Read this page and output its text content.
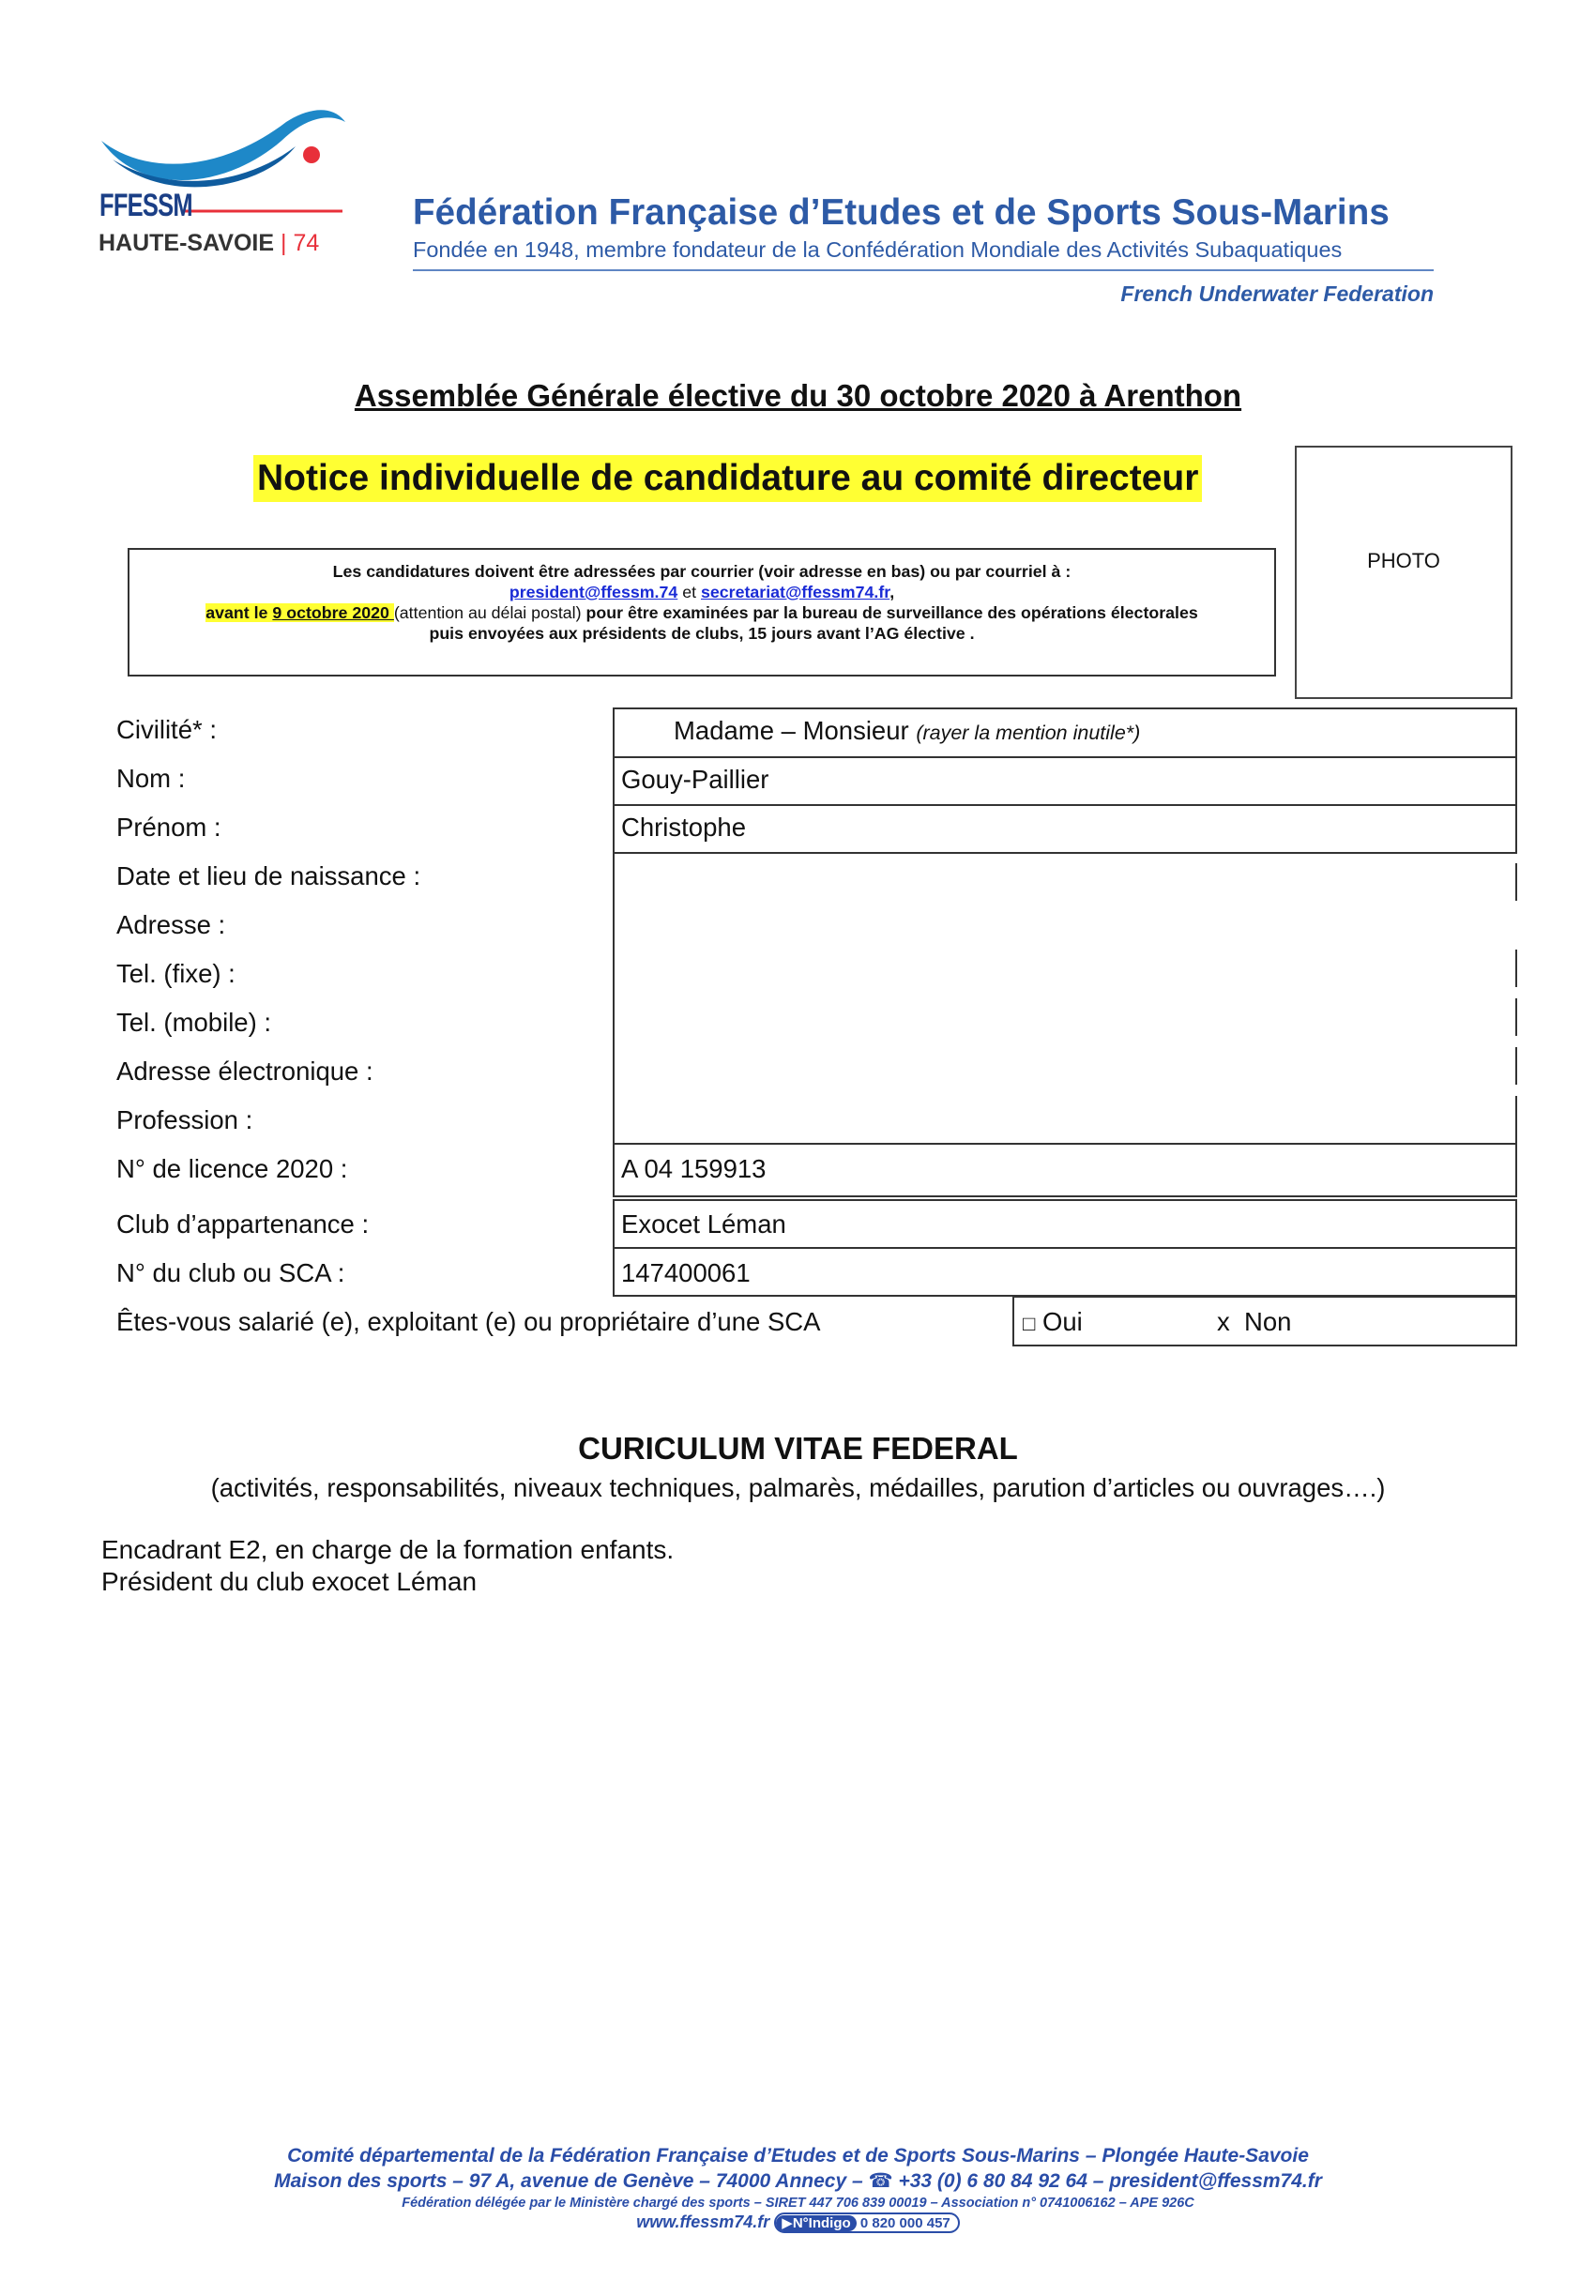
FFESSM
HAUTE-SAVOIE | 74
Fédération Française d’Etudes et de Sports Sous-Marins
Fondée en 1948, membre fondateur de la Confédération Mondiale des Activités Subaquatiques
French Underwater Federation
Assemblée Générale élective du 30 octobre 2020 à Arenthon
Notice individuelle de candidature au comité directeur
PHOTO
Les candidatures doivent être adressées par courrier (voir adresse en bas) ou par courriel à :
president@ffessm.74 et secretariat@ffessm74.fr,
avant le 9 octobre 2020 (attention au délai postal) pour être examinées par la bureau de surveillance des opérations électorales
puis envoyées aux présidents de clubs, 15 jours avant l’AG élective .
Civilité* :
Nom :
Prénom :
Date et lieu de naissance :
Adresse :
Tel. (fixe) :
Tel. (mobile) :
Adresse électronique :
Profession :
N° de licence 2020 :
Club d’appartenance :
N° du club ou SCA :
Êtes-vous salarié (e), exploitant (e) ou propriétaire d’une SCA
Madame – Monsieur (rayer la mention inutile*)
Gouy-Paillier
Christophe
A 04 159913
Exocet Léman
147400061
□ Oui	x Non
CURICULUM VITAE FEDERAL
(activités, responsabilités, niveaux techniques, palmarès, médailles, parution d’articles ou ouvrages….)
Encadrant E2, en charge de la formation enfants.
Président du club exocet Léman
Comité départemental de la Fédération Française d’Etudes et de Sports Sous-Marins – Plongée Haute-Savoie
Maison des sports – 97 A, avenue de Genève – 74000 Annecy – ☎ +33 (0) 6 80 84 92 64 – president@ffessm74.fr
Fédération délégée par le Ministère chargé des sports – SIRET 447 706 839 00019 – Association n° 0741006162 – APE 926C
www.ffessm74.fr ▶N°Indigo 0 820 000 457
